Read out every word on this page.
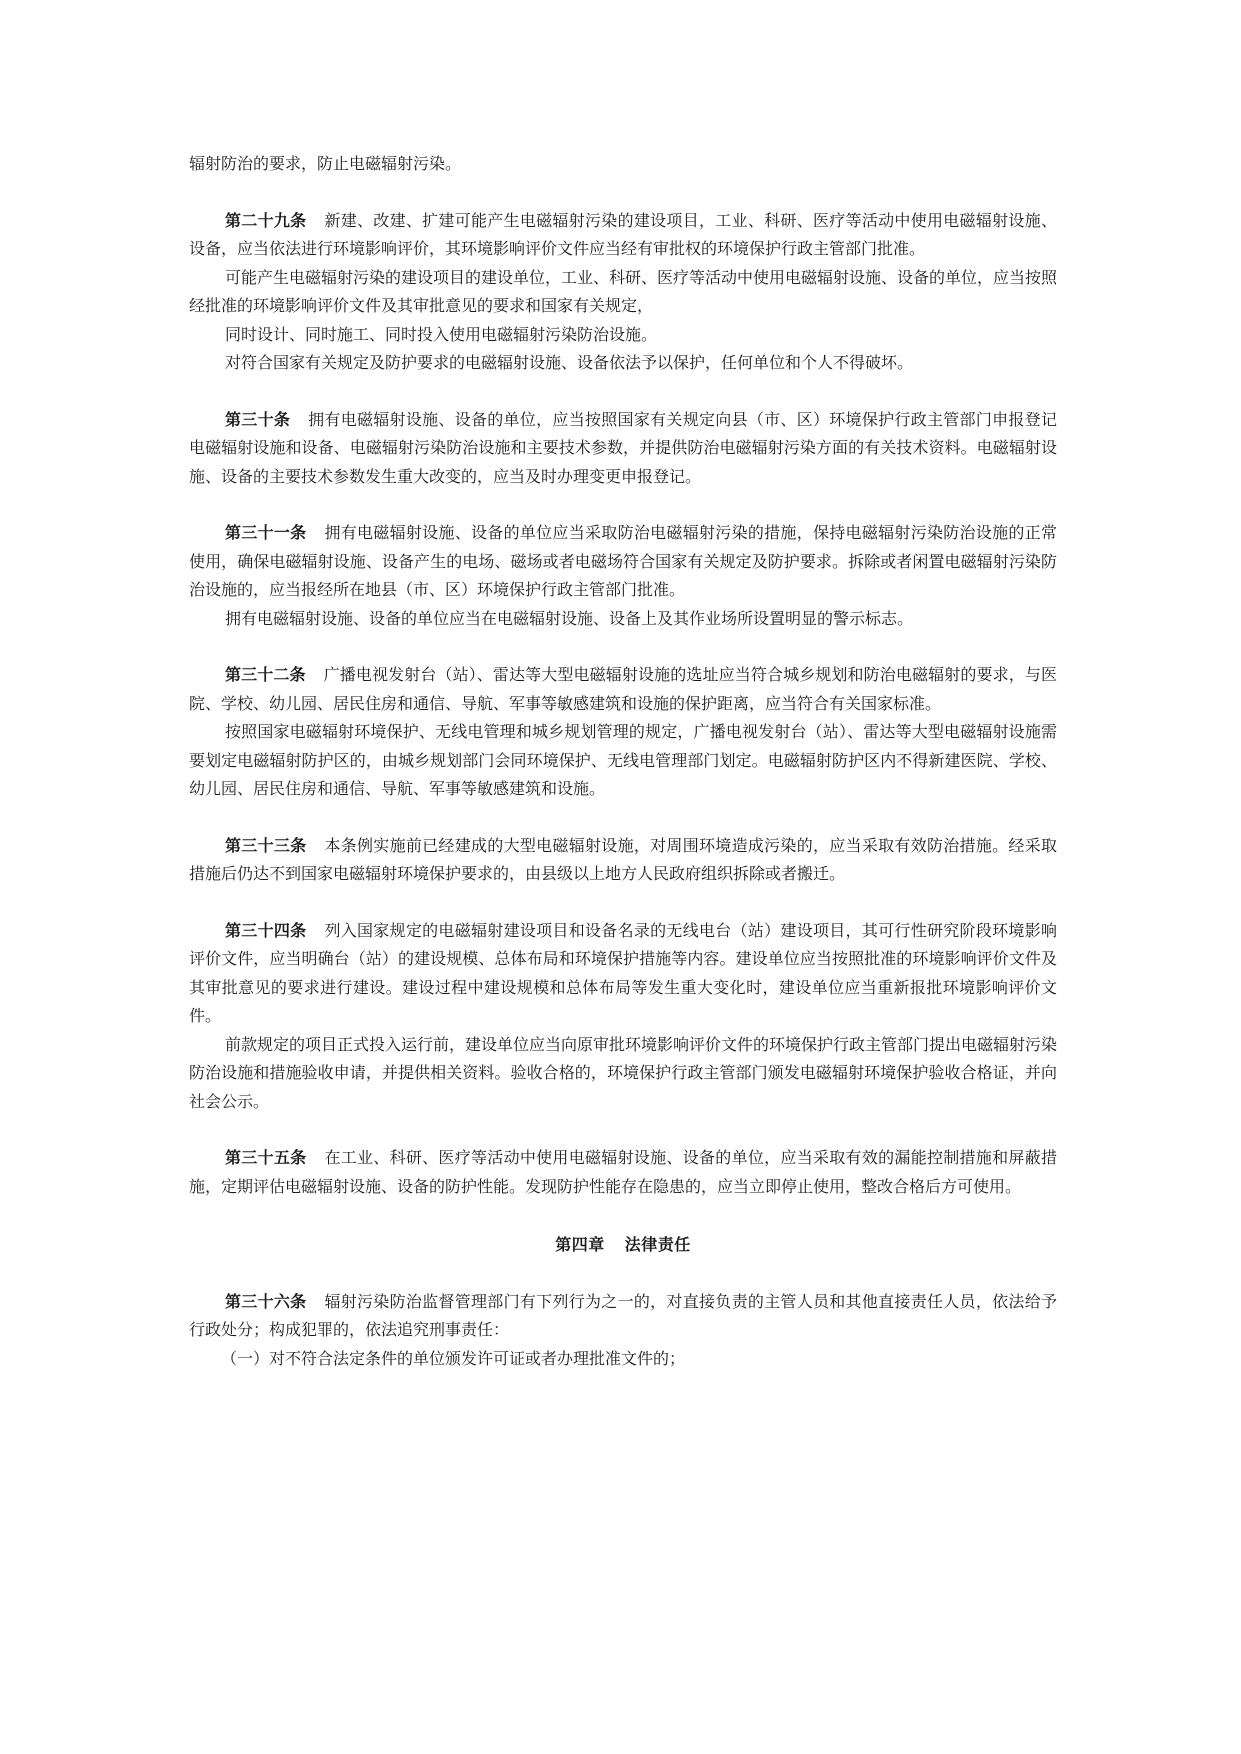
辐射防治的要求，防止电磁辐射污染。

第二十九条 新建、改建、扩建可能产生电磁辐射污染的建设项目，工业、科研、医疗等活动中使用电磁辐射设施、设备，应当依法进行环境影响评价，其环境影响评价文件应当经有审批权的环境保护行政主管部门批准。

可能产生电磁辐射污染的建设项目的建设单位，工业、科研、医疗等活动中使用电磁辐射设施、设备的单位，应当按照经批准的环境影响评价文件及其审批意见的要求和国家有关规定，

同时设计、同时施工、同时投入使用电磁辐射污染防治设施。

对符合国家有关规定及防护要求的电磁辐射设施、设备依法予以保护，任何单位和个人不得破坏。

第三十条 拥有电磁辐射设施、设备的单位，应当按照国家有关规定向县（市、区）环境保护行政主管部门申报登记电磁辐射设施和设备、电磁辐射污染防治设施和主要技术参数，并提供防治电磁辐射污染方面的有关技术资料。电磁辐射设施、设备的主要技术参数发生重大改变的，应当及时办理变更申报登记。

第三十一条 拥有电磁辐射设施、设备的单位应当采取防治电磁辐射污染的措施，保持电磁辐射污染防治设施的正常使用，确保电磁辐射设施、设备产生的电场、磁场或者电磁场符合国家有关规定及防护要求。拆除或者闲置电磁辐射污染防治设施的，应当报经所在地县（市、区）环境保护行政主管部门批准。

拥有电磁辐射设施、设备的单位应当在电磁辐射设施、设备上及其作业场所设置明显的警示标志。

第三十二条 广播电视发射台（站）、雷达等大型电磁辐射设施的选址应当符合城乡规划和防治电磁辐射的要求，与医院、学校、幼儿园、居民住房和通信、导航、军事等敏感建筑和设施的保护距离，应当符合有关国家标准。

按照国家电磁辐射环境保护、无线电管理和城乡规划管理的规定，广播电视发射台（站）、雷达等大型电磁辐射设施需要划定电磁辐射防护区的，由城乡规划部门会同环境保护、无线电管理部门划定。电磁辐射防护区内不得新建医院、学校、幼儿园、居民住房和通信、导航、军事等敏感建筑和设施。

第三十三条 本条例实施前已经建成的大型电磁辐射设施，对周围环境造成污染的，应当采取有效防治措施。经采取措施后仍达不到国家电磁辐射环境保护要求的，由县级以上地方人民政府组织拆除或者搬迁。

第三十四条 列入国家规定的电磁辐射建设项目和设备名录的无线电台（站）建设项目，其可行性研究阶段环境影响评价文件，应当明确台（站）的建设规模、总体布局和环境保护措施等内容。建设单位应当按照批准的环境影响评价文件及其审批意见的要求进行建设。建设过程中建设规模和总体布局等发生重大变化时，建设单位应当重新报批环境影响评价文件。

前款规定的项目正式投入运行前，建设单位应当向原审批环境影响评价文件的环境保护行政主管部门提出电磁辐射污染防治设施和措施验收申请，并提供相关资料。验收合格的，环境保护行政主管部门颁发电磁辐射环境保护验收合格证，并向社会公示。

第三十五条 在工业、科研、医疗等活动中使用电磁辐射设施、设备的单位，应当采取有效的漏能控制措施和屏蔽措施，定期评估电磁辐射设施、设备的防护性能。发现防护性能存在隐患的，应当立即停止使用，整改合格后方可使用。

第四章 法律责任

第三十六条 辐射污染防治监督管理部门有下列行为之一的，对直接负责的主管人员和其他直接责任人员，依法给予行政处分；构成犯罪的，依法追究刑事责任：

（一）对不符合法定条件的单位颁发许可证或者办理批准文件的；
